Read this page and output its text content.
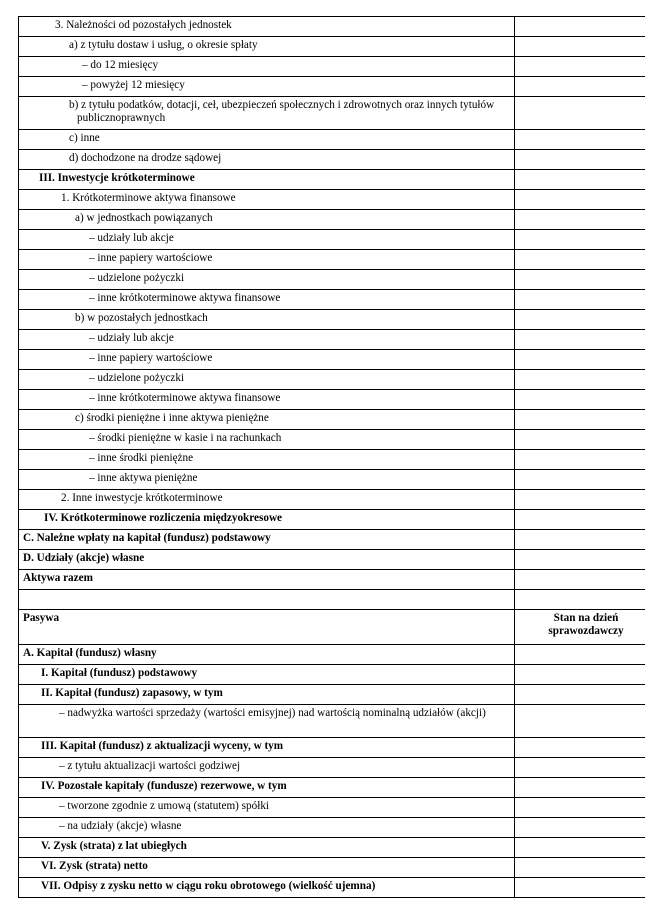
3. Należności od pozostałych jednostek	
a) z tytułu dostaw i usług, o okresie spłaty	
– do 12 miesięcy	
– powyżej 12 miesięcy	
b) z tytułu podatków, dotacji, ceł, ubezpieczeń społecznych i zdrowotnych oraz innych tytułów publicznoprawnych	
c) inne	
d) dochodzone na drodze sądowej	
III. Inwestycje krótkoterminowe	
1. Krótkoterminowe aktywa finansowe	
a) w jednostkach powiązanych	
– udziały lub akcje	
– inne papiery wartościowe	
– udzielone pożyczki	
– inne krótkoterminowe aktywa finansowe	
b) w pozostałych jednostkach	
– udziały lub akcje	
– inne papiery wartościowe	
– udzielone pożyczki	
– inne krótkoterminowe aktywa finansowe	
c) środki pieniężne i inne aktywa pieniężne	
– środki pieniężne w kasie i na rachunkach	
– inne środki pieniężne	
– inne aktywa pieniężne	
2. Inne inwestycje krótkoterminowe	
IV. Krótkoterminowe rozliczenia międzyokresowe	
C. Należne wpłaty na kapitał (fundusz) podstawowy	
D. Udziały (akcje) własne	
Aktywa razem	

Pasywa	Stan na dzień sprawozdawczy
A. Kapitał (fundusz) własny	
I. Kapitał (fundusz) podstawowy	
II. Kapitał (fundusz) zapasowy, w tym	
– nadwyżka wartości sprzedaży (wartości emisyjnej) nad wartością nominalną udziałów (akcji)	
III. Kapitał (fundusz) z aktualizacji wyceny, w tym	
– z tytułu aktualizacji wartości godziwej	
IV. Pozostałe kapitały (fundusze) rezerwowe, w tym	
– tworzone zgodnie z umową (statutem) spółki	
– na udziały (akcje) własne	
V. Zysk (strata) z lat ubiegłych	
VI. Zysk (strata) netto	
VII. Odpisy z zysku netto w ciągu roku obrotowego (wielkość ujemna)	
